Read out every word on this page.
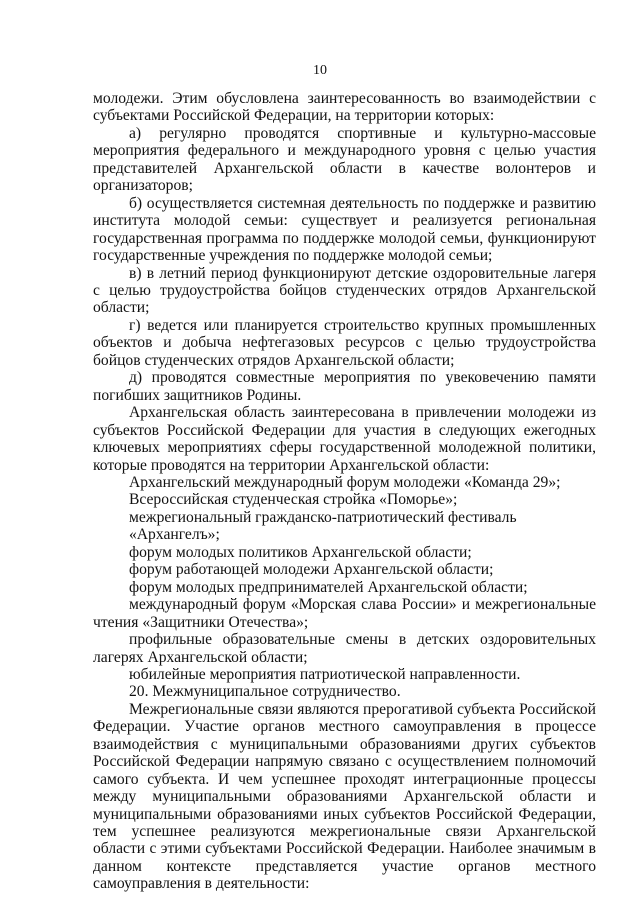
10

молодежи. Этим обусловлена заинтересованность во взаимодействии с субъектами Российской Федерации, на территории которых:

а) регулярно проводятся спортивные и культурно-массовые мероприятия федерального и международного уровня с целью участия представителей Архангельской области в качестве волонтеров и организаторов;

б) осуществляется системная деятельность по поддержке и развитию института молодой семьи: существует и реализуется региональная государственная программа по поддержке молодой семьи, функционируют государственные учреждения по поддержке молодой семьи;

в) в летний период функционируют детские оздоровительные лагеря с целью трудоустройства бойцов студенческих отрядов Архангельской области;

г) ведется или планируется строительство крупных промышленных объектов и добыча нефтегазовых ресурсов с целью трудоустройства бойцов студенческих отрядов Архангельской области;

д) проводятся совместные мероприятия по увековечению памяти погибших защитников Родины.

Архангельская область заинтересована в привлечении молодежи из субъектов Российской Федерации для участия в следующих ежегодных ключевых мероприятиях сферы государственной молодежной политики, которые проводятся на территории Архангельской области:

Архангельский международный форум молодежи «Команда 29»;

Всероссийская студенческая стройка «Поморье»;

межрегиональный гражданско-патриотический фестиваль «Архангелъ»;

форум молодых политиков Архангельской области;

форум работающей молодежи Архангельской области;

форум молодых предпринимателей Архангельской области;

международный форум «Морская слава России» и межрегиональные чтения «Защитники Отечества»;

профильные образовательные смены в детских оздоровительных лагерях Архангельской области;

юбилейные мероприятия патриотической направленности.

20. Межмуниципальное сотрудничество.

Межрегиональные связи являются прерогативой субъекта Российской Федерации. Участие органов местного самоуправления в процессе взаимодействия с муниципальными образованиями других субъектов Российской Федерации напрямую связано с осуществлением полномочий самого субъекта. И чем успешнее проходят интеграционные процессы между муниципальными образованиями Архангельской области и муниципальными образованиями иных субъектов Российской Федерации, тем успешнее реализуются межрегиональные связи Архангельской области с этими субъектами Российской Федерации. Наиболее значимым в данном контексте представляется участие органов местного самоуправления в деятельности:
